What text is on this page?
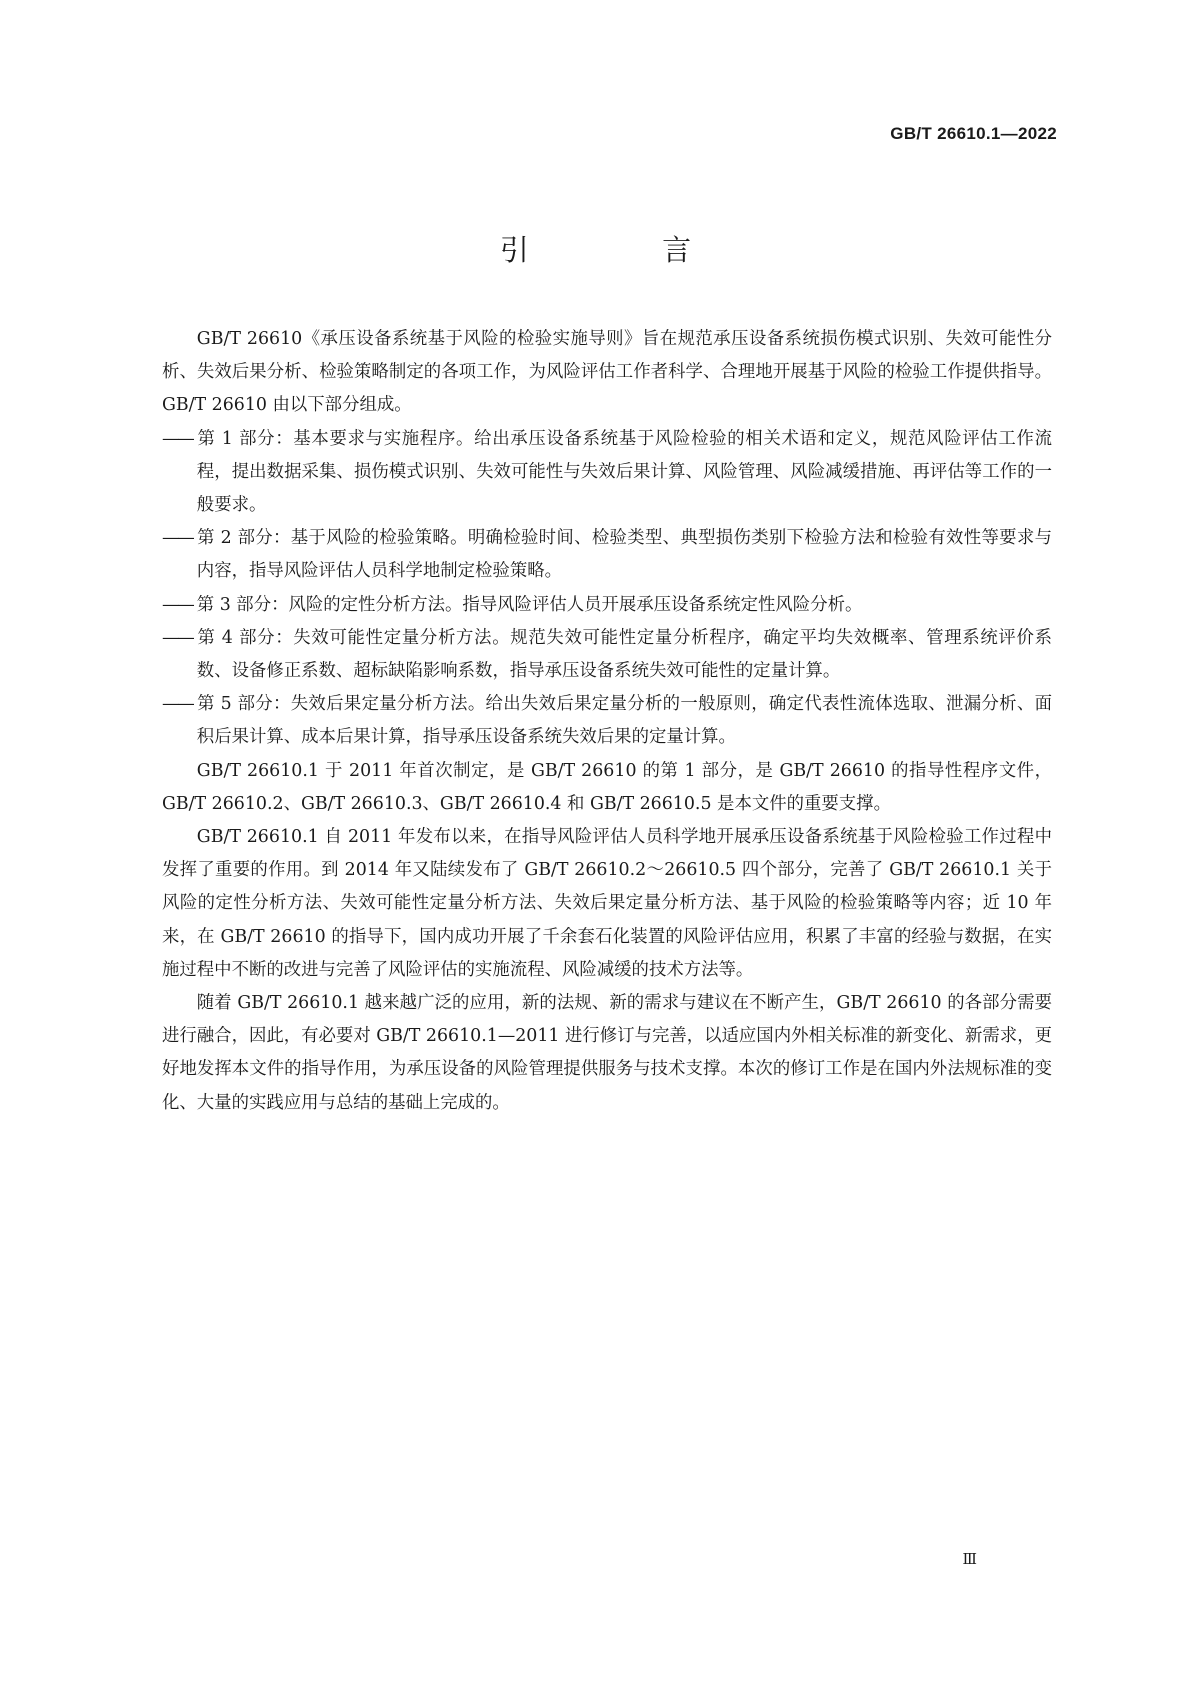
GB/T 26610.1—2022
引 言

GB/T 26610《承压设备系统基于风险的检验实施导则》旨在规范承压设备系统损伤模式识别、失效可能性分析、失效后果分析、检验策略制定的各项工作，为风险评估工作者科学、合理地开展基于风险的检验工作提供指导。GB/T 26610 由以下部分组成。

—— 第 1 部分：基本要求与实施程序。给出承压设备系统基于风险检验的相关术语和定义，规范风险评估工作流程，提出数据采集、损伤模式识别、失效可能性与失效后果计算、风险管理、风险减缓措施、再评估等工作的一般要求。
—— 第 2 部分：基于风险的检验策略。明确检验时间、检验类型、典型损伤类别下检验方法和检验有效性等要求与内容，指导风险评估人员科学地制定检验策略。
—— 第 3 部分：风险的定性分析方法。指导风险评估人员开展承压设备系统定性风险分析。
—— 第 4 部分：失效可能性定量分析方法。规范失效可能性定量分析程序，确定平均失效概率、管理系统评价系数、设备修正系数、超标缺陷影响系数，指导承压设备系统失效可能性的定量计算。
—— 第 5 部分：失效后果定量分析方法。给出失效后果定量分析的一般原则，确定代表性流体选取、泄漏分析、面积后果计算、成本后果计算，指导承压设备系统失效后果的定量计算。

GB/T 26610.1 于 2011 年首次制定，是 GB/T 26610 的第 1 部分，是 GB/T 26610 的指导性程序文件，GB/T 26610.2、GB/T 26610.3、GB/T 26610.4 和 GB/T 26610.5 是本文件的重要支撑。

GB/T 26610.1 自 2011 年发布以来，在指导风险评估人员科学地开展承压设备系统基于风险检验工作过程中发挥了重要的作用。到 2014 年又陆续发布了 GB/T 26610.2～26610.5 四个部分，完善了 GB/T 26610.1 关于风险的定性分析方法、失效可能性定量分析方法、失效后果定量分析方法、基于风险的检验策略等内容；近 10 年来，在 GB/T 26610 的指导下，国内成功开展了千余套石化装置的风险评估应用，积累了丰富的经验与数据，在实施过程中不断的改进与完善了风险评估的实施流程、风险减缓的技术方法等。

随着 GB/T 26610.1 越来越广泛的应用，新的法规、新的需求与建议在不断产生，GB/T 26610 的各部分需要进行融合，因此，有必要对 GB/T 26610.1—2011 进行修订与完善，以适应国内外相关标准的新变化、新需求，更好地发挥本文件的指导作用，为承压设备的风险管理提供服务与技术支撑。本次的修订工作是在国内外法规标准的变化、大量的实践应用与总结的基础上完成的。

Ⅲ
